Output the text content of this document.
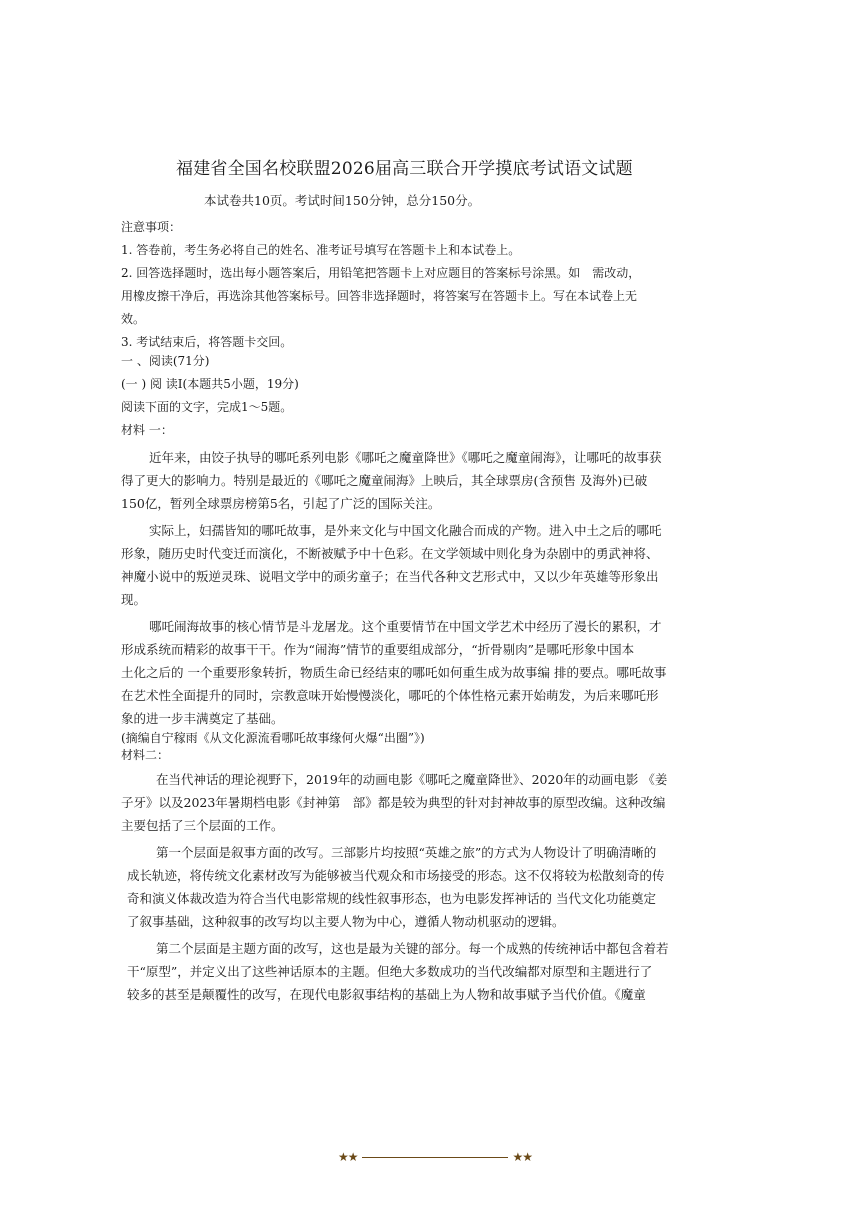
福建省全国名校联盟2026届高三联合开学摸底考试语文试题
本试卷共10页。考试时间150分钟，总分150分。
注意事项：
1. 答卷前，考生务必将自己的姓名、准考证号填写在答题卡上和本试卷上。
2. 回答选择题时，选出每小题答案后，用铅笔把答题卡上对应题目的答案标号涂黑。如　需改动，
用橡皮擦干净后，再选涂其他答案标号。回答非选择题时，将答案写在答题卡上。写在本试卷上无
效。
3. 考试结束后，将答题卡交回。
一 、阅读(71分)
(一 ) 阅 读Ⅰ(本题共5小题，19分)
阅读下面的文字，完成1～5题。
材料 一：
近年来，由饺子执导的哪吒系列电影《哪吒之魔童降世》《哪吒之魔童闹海》，让哪吒的故事获
得了更大的影响力。特别是最近的《哪吒之魔童闹海》上映后，其全球票房(含预售 及海外)已破
150亿，暂列全球票房榜第5名，引起了广泛的国际关注。
实际上，妇孺皆知的哪吒故事，是外来文化与中国文化融合而成的产物。进入中土之后的哪吒
形象，随历史时代变迁而演化，不断被赋予中十色彩。在文学领域中则化身为杂剧中的勇武神将、
神魔小说中的叛逆灵珠、说唱文学中的顽劣童子；在当代各种文艺形式中，又以少年英雄等形象出
现。
哪吒闹海故事的核心情节是斗龙屠龙。这个重要情节在中国文学艺术中经历了漫长的累积，才
形成系统而精彩的故事干干。作为“闹海”情节的重要组成部分，“折骨剔肉”是哪吒形象中国本
土化之后的 一个重要形象转折，物质生命已经结束的哪吒如何重生成为故事编 排的要点。哪吒故事
在艺术性全面提升的同时，宗教意味开始慢慢淡化，哪吒的个体性格元素开始萌发，为后来哪吒形
象的进一步丰满奠定了基础。
(摘编自宁稼雨《从文化源流看哪吒故事缘何火爆“出圈”》)
材料二：
在当代神话的理论视野下，2019年的动画电影《哪吒之魔童降世》、2020年的动画电影 《姜
子牙》以及2023年暑期档电影《封神第　部》都是较为典型的针对封神故事的原型改编。这种改编
主要包括了三个层面的工作。
第一个层面是叙事方面的改写。三部影片均按照“英雄之旅”的方式为人物设计了明确清晰的
成长轨迹，将传统文化素材改写为能够被当代观众和市场接受的形态。这不仅将较为松散刻奇的传
奇和演义体裁改造为符合当代电影常规的线性叙事形态，也为电影发挥神话的 当代文化功能奠定
了叙事基础，这种叙事的改写均以主要人物为中心，遵循人物动机驱动的逻辑。
第二个层面是主题方面的改写，这也是最为关键的部分。每一个成熟的传统神话中都包含着若
干“原型”，并定义出了这些神话原本的主题。但绝大多数成功的当代改编都对原型和主题进行了
较多的甚至是颠覆性的改写，在现代电影叙事结构的基础上为人物和故事赋予当代价值。《魔童
★★	★★
